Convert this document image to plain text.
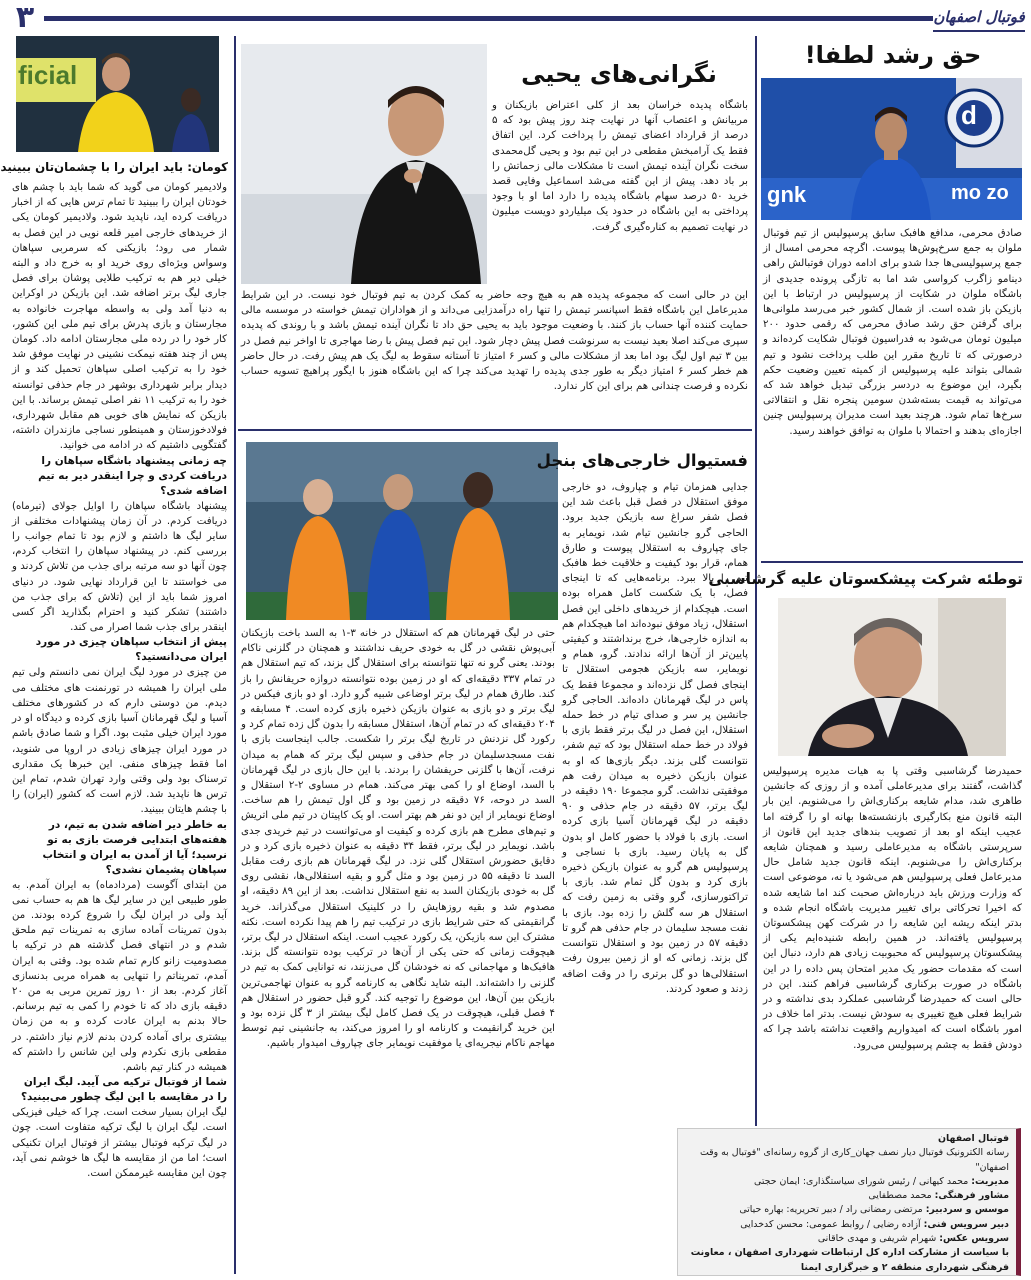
۳	فوتبال اصفهان
حق رشد لطفا!
gnk
d
mo zo
صادق محرمی، مدافع هافبک سابق پرسپولیس از تیم فوتبال ملوان به جمع سرخ‌پوش‌ها پیوست. اگرچه محرمی امسال از جمع پرسپولیسی‌ها جدا شدو برای ادامه دوران فوتبالش راهی دینامو زاگرب کرواسی شد اما به تازگی پرونده جدیدی از باشگاه ملوان در شکایت از پرسپولیس در ارتباط با این بازیکن باز شده است. از شمال کشور خبر می‌رسد ملوانی‌ها برای گرفتن حق رشد صادق محرمی که رقمی حدود ۲۰۰ میلیون تومان می‌شود به فدراسیون فوتبال شکایت کرده‌اند و درصورتی که تا تاریخ مقرر این طلب پرداخت نشود و تیم شمالی بتواند علیه پرسپولیس از کمیته تعیین وضعیت حکم بگیرد، این موضوع به دردسر بزرگی تبدیل خواهد شد که می‌تواند به قیمت بسته‌شدن سومین پنجره نقل و انتقالاتی سرخ‌ها تمام شود. هرچند بعید است مدیران پرسپولیس چنین اجازه‌ای بدهند و احتمالا با ملوان به توافق خواهند رسید.
توطئه شرکت پیشکسوتان علیه گرشاسبی
حمیدرضا گرشاسبی وقتی پا به هیات مدیره پرسپولیس گذاشت، گفتند برای مدیرعاملی آمده و از روزی که جانشین طاهری شد، مدام شایعه برکناری‌اش را می‌شنویم. این بار البته قانون منع بکارگیری بازنشسته‌ها بهانه او را گرفته اما عجیب اینکه او بعد از تصویب بندهای جدید این قانون از سرپرستی باشگاه به مدیرعاملی رسید و همچنان شایعه برکناری‌اش را می‌شنویم. اینکه قانون جدید شامل حال مدیرعامل فعلی پرسپولیس هم می‌شود یا نه، موضوعی است که وزارت ورزش باید درباره‌اش صحبت کند اما شایعه شده که اخیرا تحرکاتی برای تغییر مدیریت باشگاه انجام شده و بدتر اینکه ریشه این شایعه را در شرکت کهن پیشکسوتان پرسپولیس یافته‌اند. در همین رابطه شنیده‌ایم یکی از پیشکسوتان پرسپولیس که محبوبیت زیادی هم دارد، دنبال این است که مقدمات حضور یک مدیر امتحان پس داده را در این باشگاه در صورت برکناری گرشاسبی فراهم کنند. این در حالی است که حمیدرضا گرشاسبی عملکرد بدی نداشته و در شرایط فعلی هیچ تغییری به سودش نیست. بدتر اما خلاف در امور باشگاه است که امیدواریم واقعیت نداشته باشد چرا که دودش فقط به چشم پرسپولیس می‌رود.
فوتبال اصفهان
رسانه الکترونیک فوتبال دیار نصف جهان_کاری از گروه رسانه‌ای "فوتبال به وقت اصفهان"
مدیریت: محمد کیهانی / رئیس شورای سیاستگذاری: ایمان حجتی
مشاور فرهنگی: محمد مصطفایی
موسس و سردبیر: مرتضی رمضانی راد / دبیر تحریریه: بهاره حیاتی
دبیر سرویس فنی: آزاده رضایی / روابط عمومی: محسن کدخدایی
سرویس عکس: شهرام شریفی و مهدی خاقانی
با سیاست از مشارکت اداره کل ارتباطات شهرداری اصفهان ، معاونت فرهنگی شهرداری منطقه ۲ و خبرگزاری ایمنا
نگرانی‌های یحیی
باشگاه پدیده خراسان بعد از کلی اعتراض بازیکنان و مربیانش و اعتصاب آنها در نهایت چند روز پیش بود که ۵ درصد از قرارداد اعضای تیمش را پرداخت کرد. این اتفاق فقط یک آرامبخش مقطعی در این تیم بود و یحیی گل‌محمدی سخت نگران آینده تیمش است تا مشکلات مالی زحماتش را بر باد دهد. پیش از این گفته می‌شد اسماعیل وفایی قصد خرید ۵۰ درصد سهام باشگاه پدیده را دارد اما او با وجود پرداختی به این باشگاه در حدود یک میلیاردو دویست میلیون در نهایت تصمیم به کناره‌گیری گرفت.
این در حالی است که مجموعه پدیده هم به هیچ وجه حاضر به کمک کردن به تیم فوتبال خود نیست. در این شرایط مدیرعامل این باشگاه فقط اسپانسر تیمش را تنها راه درآمدزایی می‌داند و از هواداران تیمش خواسته در موسسه مالی حمایت کننده آنها حساب باز کنند. با وضعیت موجود باید به یحیی حق داد تا نگران آینده تیمش باشد و با روندی که پدیده سپری می‌کند اصلا بعید نیست به سرنوشت فصل پیش دچار شود. این تیم فصل پیش با رضا مهاجری تا اواخر نیم فصل در بین ۳ تیم اول لیگ بود اما بعد از مشکلات مالی و کسر ۶ امتیاز تا آستانه سقوط به لیگ یک هم پیش رفت. در حال حاضر هم خطر کسر ۶ امتیاز دیگر به طور جدی پدیده را تهدید می‌کند چرا که این باشگاه هنوز با ایگور پراهیچ تسویه حساب نکرده و فرصت چندانی هم برای این کار ندارد.
فستیوال خارجی‌های بنجل
جدایی همزمان تیام و چپاروف، دو خارجی موفق استقلال در فصل قبل باعث شد این فصل شفر سراغ سه بازیکن جدید برود. الحاجی گرو جانشین تیام شد، نویمایر به جای چپاروف به استقلال پیوست و طارق همام، قرار بود کیفیت و خلاقیت خط هافبک تیم را بالا ببرد. برنامه‌هایی که تا اینجای فصل، با یک شکست کامل همراه بوده است. هیچکدام از خریدهای داخلی این فصل استقلال، زیاد موفق نبوده‌اند اما هیچکدام هم به اندازه خارجی‌ها، خرج برنداشتند و کیفیتی پایین‌تر از آن‌ها ارائه ندادند. گرو، همام و نویمایر، سه بازیکن هجومی استقلال تا اینجای فصل گل نزده‌اند و مجموعا فقط یک پاس در لیگ قهرمانان داده‌اند. الحاجی گرو جانشین پر سر و صدای تیام در خط حمله استقلال، این فصل در لیگ برتر فقط بازی با فولاد در خط حمله استقلال بود که تیم شفر، نتوانست گلی بزند. دیگر بازی‌ها که او به عنوان بازیکن ذخیره به میدان رفت هم موفقیتی نداشت. گرو مجموعا ۱۹۰ دقیقه در لیگ برتر، ۵۷ دقیقه در جام حذفی و ۹۰ دقیقه در لیگ قهرمانان آسیا بازی کرده است. بازی با فولاد با حضور کامل او بدون گل به پایان رسید. بازی با نساجی و پرسپولیس هم گرو به عنوان بازیکن ذخیره بازی کرد و بدون گل تمام شد. بازی با تراکتورسازی، گرو وقتی به زمین رفت که استقلال هر سه گلش را زده بود. بازی با نفت مسجد سلیمان در جام حذفی هم گرو تا دقیقه ۵۷ در زمین بود و استقلال نتوانست گل بزند. زمانی که او از زمین بیرون رفت استقلالی‌ها دو گل برتری را در وقت اضافه زدند و صعود کردند.
حتی در لیگ قهرمانان هم که استقلال در خانه ۳-۱ به السد باخت بازیکنان آبی‌پوش نقشی در گل به خودی حریف نداشتند و همچنان در گلزنی ناکام بودند. یعنی گرو نه تنها نتوانسته برای استقلال گل بزند، که تیم استقلال هم در تمام ۳۳۷ دقیقه‌ای که او در زمین بوده نتوانسته دروازه حریفانش را باز کند. طارق همام در لیگ برتر اوضاعی شبیه گرو دارد. او دو بازی فیکس در لیگ برتر و دو بازی به عنوان بازیکن ذخیره بازی کرده است. ۴ مسابقه و ۲۰۴ دقیقه‌ای که در تمام آن‌ها، استقلال مسابقه را بدون گل زده تمام کرد و رکورد گل نزدنش در تاریخ لیگ برتر را شکست. جالب اینجاست بازی با نفت مسجدسلیمان در جام حذفی و سپس لیگ برتر که همام به میدان نرفت، آن‌ها با گلزنی حریفشان را بردند. با این حال بازی در لیگ قهرمانان با السد، اوضاع او را کمی بهتر می‌کند. همام در مساوی ۲-۲ استقلال و السد در دوحه، ۷۶ دقیقه در زمین بود و گل اول تیمش را هم ساخت. اوضاع نویمایر از این دو نفر هم بهتر است. او یک کاپیتان در تیم ملی اتریش و تیم‌های مطرح هم بازی کرده و کیفیت او می‌توانست در تیم خریدی جدی باشد. نویمایر در لیگ برتر، فقط ۳۴ دقیقه به عنوان ذخیره بازی کرد و در دقایق حضورش استقلال گلی نزد. در لیگ قهرمانان هم بازی رفت مقابل السد تا دقیقه ۵۵ در زمین بود و مثل گرو و بقیه استقلالی‌ها، نقشی روی گل به خودی بازیکنان السد به نفع استقلال نداشت. بعد از این ۸۹ دقیقه، او مصدوم شد و بقیه روزهایش را در کلینیک استقلال می‌گذراند. خرید گرانقیمتی که حتی شرایط بازی در ترکیب تیم را هم پیدا نکرده است. نکته مشترک این سه بازیکن، یک رکورد عجیب است. اینکه استقلال در لیگ برتر، هیچوقت زمانی که حتی یکی از آن‌ها در ترکیب بوده نتوانسته گل بزند. هافبک‌ها و مهاجمانی که نه خودشان گل می‌زنند، نه توانایی کمک به تیم در گلزنی را داشته‌اند. البته شاید نگاهی به کارنامه گرو به عنوان تهاجمی‌ترین بازیکن بین آن‌ها، این موضوع را توجیه کند. گرو قبل حضور در استقلال هم ۴ فصل قبلی، هیچوقت در یک فصل کامل لیگ بیشتر از ۳ گل نزده بود و این خرید گرانقیمت و کارنامه او را امروز می‌کند، به جانشینی تیم توسط مهاجم ناکام نیجریه‌ای یا موفقیت نویمایر جای چپاروف امیدوار باشیم.
ficial
کومان: باید ایران را با چشمان‌تان ببینید
ولادیمیر کومان می گوید که شما باید با چشم های خودتان ایران را ببینید تا تمام ترس هایی که از اخبار دریافت کرده اید، ناپدید شود. ولادیمیر کومان یکی از خریدهای خارجی امیر قلعه نویی در این فصل به شمار می رود؛ بازیکنی که سرمربی سپاهان وسواس ویژه‌ای روی خرید او به خرج داد و البته خیلی دیر هم به ترکیب طلایی پوشان برای فصل جاری لیگ برتر اضافه شد. این بازیکن در اوکراین به دنیا آمد ولی به واسطه مهاجرت خانواده به مجارستان و بازی پدرش برای تیم ملی این کشور، کار خود را در رده ملی مجارستان ادامه داد. کومان پس از چند هفته نیمکت نشینی در نهایت موفق شد خود را به ترکیب اصلی سپاهان تحمیل کند و از دیدار برابر شهرداری بوشهر در جام حذفی توانسته خود را به ترکیب ۱۱ نفر اصلی تیمش برساند. با این بازیکن که نمایش های خوبی هم مقابل شهرداری، فولادخوزستان و همینطور نساجی مازندران داشته، گفتگویی داشتیم که در ادامه می خوانید.
چه زمانی پیشنهاد باشگاه سپاهان را دریافت کردی و چرا اینقدر دیر به تیم اضافه شدی؟
پیشنهاد باشگاه سپاهان را اوایل جولای (تیرماه) دریافت کردم. در آن زمان پیشنهادات مختلفی از سایر لیگ ها داشتم و لازم بود تا تمام جوانب را بررسی کنم. در پیشنهاد سپاهان را انتخاب کردم، چون آنها دو سه مرتبه برای جذب من تلاش کردند و می خواستند تا این قرارداد نهایی شود. در دنیای امروز شما باید از این (تلاش که برای جذب من داشتند) تشکر کنید و احترام بگذارید اگر کسی اینقدر برای جذب شما اصرار می کند.
پیش از انتخاب سپاهان چیزی در مورد ایران می‌دانستید؟
من چیزی در مورد لیگ ایران نمی دانستم ولی تیم ملی ایران را همیشه در تورنمنت های مختلف می دیدم. من دوستی دارم که در کشورهای مختلف آسیا و لیگ قهرمانان آسیا بازی کرده و دیدگاه او در مورد ایران خیلی مثبت بود. اگرا و شما صادق باشم در مورد ایران چیزهای زیادی در اروپا می شنوید، اما فقط چیزهای منفی. این خبرها یک مقداری ترسناک بود ولی وقتی وارد تهران شدم، تمام این ترس ها ناپدید شد. لازم است که کشور (ایران) را با چشم هایتان ببینید.
به خاطر دیر اضافه شدن به تیم، در هفته‌های ابتدایی فرصت بازی به تو نرسید؛ آیا از آمدن به ایران و انتخاب سپاهان پشیمان نشدی؟
من ابتدای آگوست (مردادماه) به ایران آمدم. به طور طبیعی این در سایر لیگ ها هم به حساب نمی آید ولی در ایران لیگ را شروع کرده بودند. من بدون تمرینات آماده سازی به تمرینات تیم ملحق شدم و در انتهای فصل گذشته هم در ترکیه با مصدومیت زانو کارم تمام شده بود. وقتی به ایران آمدم، تمریناتم را تنهایی به همراه مربی بدنسازی آغاز کردم. بعد از ۱۰ روز تمرین مربی به من ۲۰ دقیقه بازی داد که تا خودم را کمی به تیم برسانم. حالا بدنم به ایران عادت کرده و به من زمان بیشتری برای آماده کردن بدنم لازم نیاز داشتم. در مقطعی بازی نکردم ولی این شانس را داشتم که همیشه در کنار تیم باشم.
شما از فوتبال ترکیه می آیید. لیگ ایران را در مقایسه با این لیگ چطور می‌بینید؟
لیگ ایران بسیار سخت است. چرا که خیلی فیزیکی است. لیگ ایران با لیگ ترکیه متفاوت است. چون در لیگ ترکیه فوتبال بیشتر از فوتبال ایران تکنیکی است؛ اما من از مقایسه ها لیگ ها خوشم نمی آید، چون این مقایسه غیرممکن است.
